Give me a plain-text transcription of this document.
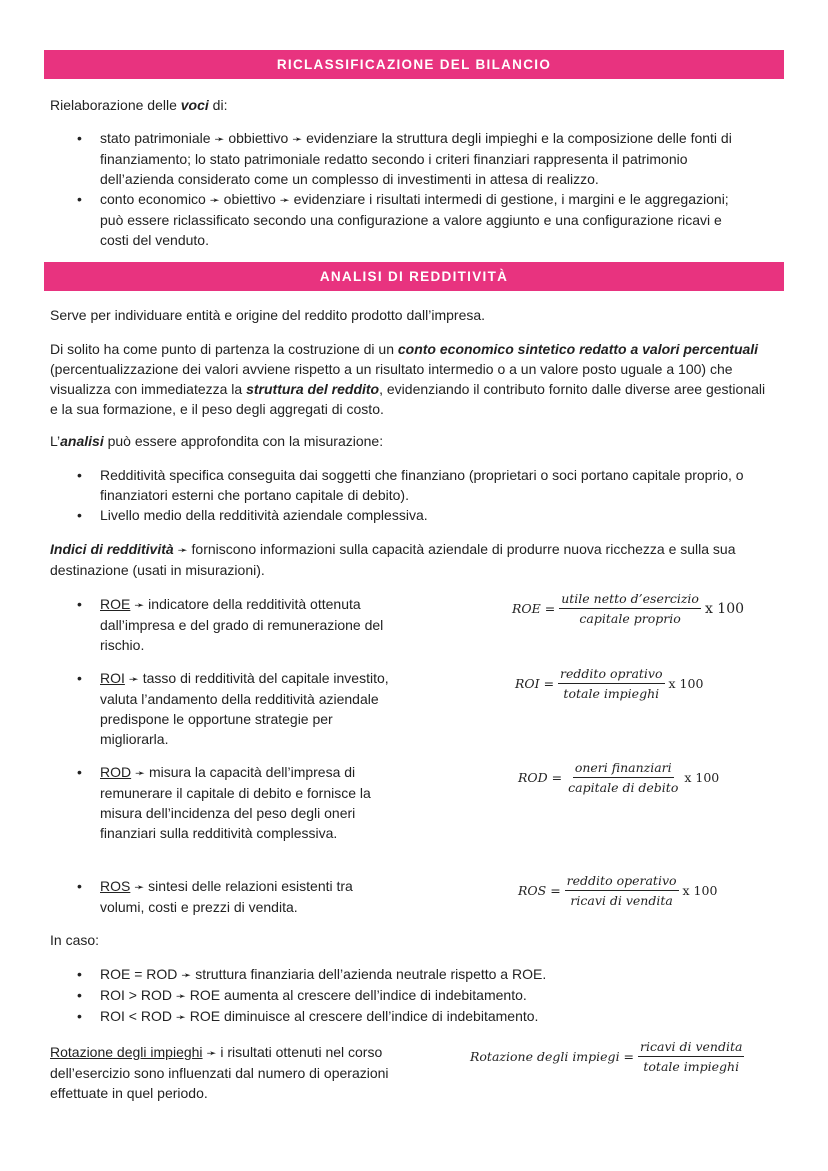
RICLASSIFICAZIONE DEL BILANCIO

Rielaborazione delle voci di:

• stato patrimoniale ➛ obbiettivo ➛ evidenziare la struttura degli impieghi e la composizione delle fonti di finanziamento; lo stato patrimoniale redatto secondo i criteri finanziari rappresenta il patrimonio dell’azienda considerato come un complesso di investimenti in attesa di realizzo.
• conto economico ➛ obiettivo ➛ evidenziare i risultati intermedi di gestione, i margini e le aggregazioni; può essere riclassificato secondo una configurazione a valore aggiunto e una configurazione ricavi e costi del venduto.
ANALISI DI REDDITIVITÀ

Serve per individuare entità e origine del reddito prodotto dall’impresa.

Di solito ha come punto di partenza la costruzione di un conto economico sintetico redatto a valori percentuali (percentualizzazione dei valori avviene rispetto a un risultato intermedio o a un valore posto uguale a 100) che visualizza con immediatezza la struttura del reddito, evidenziando il contributo fornito dalle diverse aree gestionali e la sua formazione, e il peso degli aggregati di costo.

L’analisi può essere approfondita con la misurazione:

• Redditività specifica conseguita dai soggetti che finanziano (proprietari o soci portano capitale proprio, o finanziatori esterni che portano capitale di debito).
• Livello medio della redditività aziendale complessiva.

Indici di redditività ➛ forniscono informazioni sulla capacità aziendale di produrre nuova ricchezza e sulla sua destinazione (usati in misurazioni).

• ROE ➛ indicatore della redditività ottenuta dall’impresa e del grado di remunerazione del rischio.
ROE = $\frac{\text{utile netto d’esercizio}}{\text{capitale proprio}}$ x 100
• ROI ➛ tasso di redditività del capitale investito, valuta l’andamento della redditività aziendale predispone le opportune strategie per migliorarla.
ROI = $\frac{\text{reddito oprativo}}{\text{totale impieghi}}$ x 100
• ROD ➛ misura la capacità dell’impresa di remunerare il capitale di debito e fornisce la misura dell’incidenza del peso degli oneri finanziari sulla redditività complessiva.
ROD = $\frac{\text{oneri finanziari}}{\text{capitale di debito}}$ x 100
• ROS ➛ sintesi delle relazioni esistenti tra volumi, costi e prezzi di vendita.
ROS = $\frac{\text{reddito operativo}}{\text{ricavi di vendita}}$ x 100

In caso:

• ROE = ROD ➛ struttura finanziaria dell’azienda neutrale rispetto a ROE.
• ROI > ROD ➛ ROE aumenta al crescere dell’indice di indebitamento.
• ROI < ROD ➛ ROE diminuisce al crescere dell’indice di indebitamento.

Rotazione degli impieghi ➛ i risultati ottenuti nel corso dell’esercizio sono influenzati dal numero di operazioni effettuate in quel periodo.

Rotazione degli impiegi = $\frac{\text{ricavi di vendita}}{\text{totale impieghi}}$
